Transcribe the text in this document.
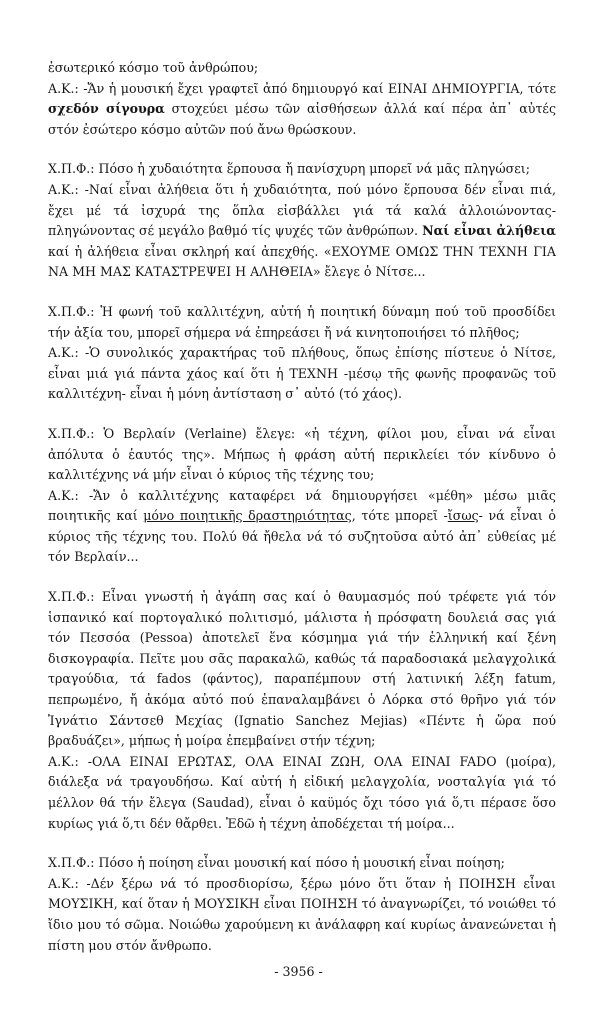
ἐσωτερικό κόσμο τοῦ ἀνθρώπου;

Α.Κ.: -Ἄν ἡ μουσική ἔχει γραφτεῖ ἀπό δημιουργό καί ΕΙΝΑΙ ΔΗΜΙΟΥΡΓΙΑ, τότε σχεδόν σίγουρα στοχεύει μέσω τῶν αἰσθήσεων ἀλλά καί πέρα ἀπ᾽ αὐτές στόν ἐσώτερο κόσμο αὐτῶν πού ἄνω θρώσκουν.

Χ.Π.Φ.: Πόσο ἡ χυδαιότητα ἕρπουσα ἤ πανίσχυρη μπορεῖ νά μᾶς πληγώσει;

Α.Κ.: -Ναί εἶναι ἀλήθεια ὅτι ἡ χυδαιότητα, πού μόνο ἕρπουσα δέν εἶναι πιά, ἔχει μέ τά ἰσχυρά της ὅπλα εἰσβάλλει γιά τά καλά ἀλλοιώνοντας-πληγώνοντας σέ μεγάλο βαθμό τίς ψυχές τῶν ἀνθρώπων. Ναί εἶναι ἀλήθεια καί ἡ ἀλήθεια εἶναι σκληρή καί ἀπεχθής. «ΕΧΟΥΜΕ ΟΜΩΣ ΤΗΝ ΤΕΧΝΗ ΓΙΑ ΝΑ ΜΗ ΜΑΣ ΚΑΤΑΣΤΡΕΨΕΙ Η ΑΛΗΘΕΙΑ» ἔλεγε ὁ Νίτσε...

Χ.Π.Φ.: Ἡ φωνή τοῦ καλλιτέχνη, αὐτή ἡ ποιητική δύναμη πού τοῦ προσδίδει τήν ἀξία του, μπορεῖ σήμερα νά ἐπηρεάσει ἤ νά κινητοποιήσει τό πλῆθος;

Α.Κ.: -Ὁ συνολικός χαρακτήρας τοῦ πλήθους, ὅπως ἐπίσης πίστευε ὁ Νίτσε, εἶναι μιά γιά πάντα χάος καί ὅτι ἡ ΤΕΧΝΗ -μέσῳ τῆς φωνῆς προφανῶς τοῦ καλλιτέχνη- εἶναι ἡ μόνη ἀντίσταση σ᾽ αὐτό (τό χάος).

Χ.Π.Φ.: Ὁ Βερλαίν (Verlaine) ἔλεγε: «ἡ τέχνη, φίλοι μου, εἶναι νά εἶναι ἀπόλυτα ὁ ἑαυτός της». Μήπως ἡ φράση αὐτή περικλείει τόν κίνδυνο ὁ καλλιτέχνης νά μήν εἶναι ὁ κύριος τῆς τέχνης του;

Α.Κ.: -Ἄν ὁ καλλιτέχνης καταφέρει νά δημιουργήσει «μέθη» μέσω μιᾶς ποιητικῆς καί μόνο ποιητικῆς δραστηριότητας, τότε μπορεῖ -ἴσως- νά εἶναι ὁ κύριος τῆς τέχνης του. Πολύ θά ἤθελα νά τό συζητοῦσα αὐτό ἀπ᾽ εὐθείας μέ τόν Βερλαίν...

Χ.Π.Φ.: Εἶναι γνωστή ἡ ἀγάπη σας καί ὁ θαυμασμός πού τρέφετε γιά τόν ἱσπανικό καί πορτογαλικό πολιτισμό, μάλιστα ἡ πρόσφατη δουλειά σας γιά τόν Πεσσόα (Pessoa) ἀποτελεῖ ἕνα κόσμημα γιά τήν ἑλληνική καί ξένη δισκογραφία. Πεῖτε μου σᾶς παρακαλῶ, καθώς τά παραδοσιακά μελαγχολικά τραγούδια, τά fados (φάντος), παραπέμπουν στή λατινική λέξη fatum, πεπρωμένο, ἤ ἀκόμα αὐτό πού ἐπαναλαμβάνει ὁ Λόρκα στό θρῆνο γιά τόν Ἰγνάτιο Σάντσεθ Μεχίας (Ignatio Sanchez Mejias) «Πέντε ἡ ὥρα πού βραδυάζει», μήπως ἡ μοίρα ἐπεμβαίνει στήν τέχνη;

Α.Κ.: -ΟΛΑ ΕΙΝΑΙ ΕΡΩΤΑΣ, ΟΛΑ ΕΙΝΑΙ ΖΩΗ, ΟΛΑ ΕΙΝΑΙ FADO (μοίρα), διάλεξα νά τραγουδήσω. Καί αὐτή ἡ εἰδική μελαγχολία, νοσταλγία γιά τό μέλλον θά τήν ἔλεγα (Saudad), εἶναι ὁ καϋμός ὄχι τόσο γιά ὅ,τι πέρασε ὅσο κυρίως γιά ὅ,τι δέν θἄρθει. Ἐδῶ ἡ τέχνη ἀποδέχεται τή μοίρα...

Χ.Π.Φ.: Πόσο ἡ ποίηση εἶναι μουσική καί πόσο ἡ μουσική εἶναι ποίηση;

Α.Κ.: -Δέν ξέρω νά τό προσδιορίσω, ξέρω μόνο ὅτι ὅταν ἡ ΠΟΙΗΣΗ εἶναι ΜΟΥΣΙΚΗ, καί ὅταν ἡ ΜΟΥΣΙΚΗ εἶναι ΠΟΙΗΣΗ τό ἀναγνωρίζει, τό νοιώθει τό ἴδιο μου τό σῶμα. Νοιώθω χαρούμενη κι ἀνάλαφρη καί κυρίως ἀνανεώνεται ἡ πίστη μου στόν ἄνθρωπο.

- 3956 -
